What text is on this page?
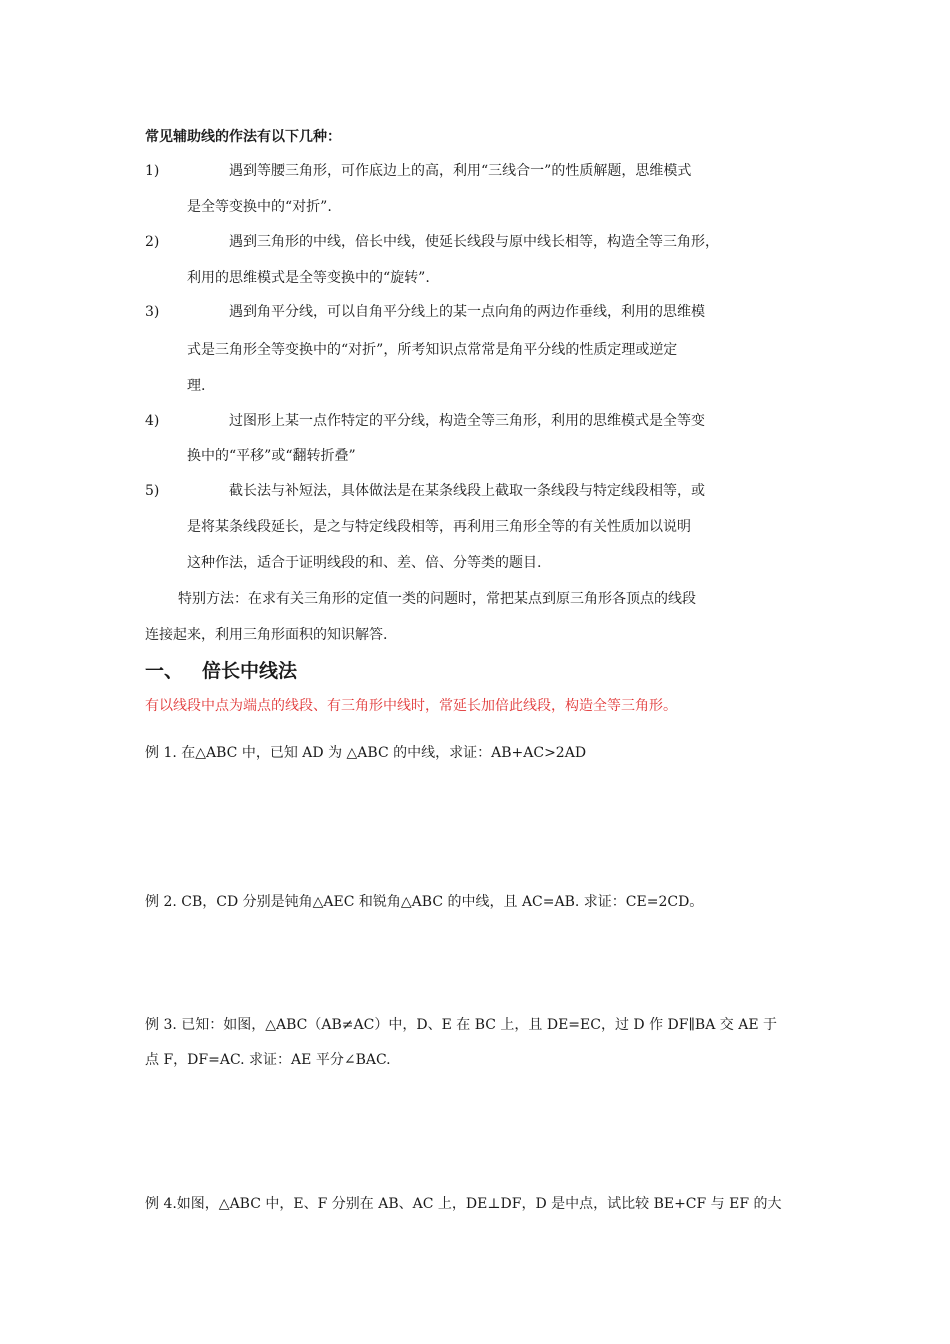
常见辅助线的作法有以下几种：
1)	遇到等腰三角形，可作底边上的高，利用“三线合一”的性质解题，思维模式
是全等变换中的“对折”.
2)	遇到三角形的中线，倍长中线，使延长线段与原中线长相等，构造全等三角形，
利用的思维模式是全等变换中的“旋转”.
3)	遇到角平分线，可以自角平分线上的某一点向角的两边作垂线，利用的思维模
式是三角形全等变换中的“对折”，所考知识点常常是角平分线的性质定理或逆定
理.
4)	过图形上某一点作特定的平分线，构造全等三角形，利用的思维模式是全等变
换中的“平移”或“翻转折叠”
5)	截长法与补短法，具体做法是在某条线段上截取一条线段与特定线段相等，或
是将某条线段延长，是之与特定线段相等，再利用三角形全等的有关性质加以说明
这种作法，适合于证明线段的和、差、倍、分等类的题目.
特别方法：在求有关三角形的定值一类的问题时，常把某点到原三角形各顶点的线段
连接起来，利用三角形面积的知识解答.
一、 倍长中线法
有以线段中点为端点的线段、有三角形中线时，常延长加倍此线段，构造全等三角形。
例 1. 在△ABC 中，已知 AD 为 △ABC 的中线，求证：AB+AC>2AD
例 2. CB，CD 分别是钝角△AEC 和锐角△ABC 的中线，且 AC=AB. 求证：CE=2CD。
例 3. 已知：如图，△ABC（AB≠AC）中，D、E 在 BC 上，且 DE=EC，过 D 作 DF∥BA 交 AE 于
点 F，DF=AC. 求证：AE 平分∠BAC.
例 4.如图，△ABC 中，E、F 分别在 AB、AC 上，DE⊥DF，D 是中点，试比较 BE+CF 与 EF 的大
